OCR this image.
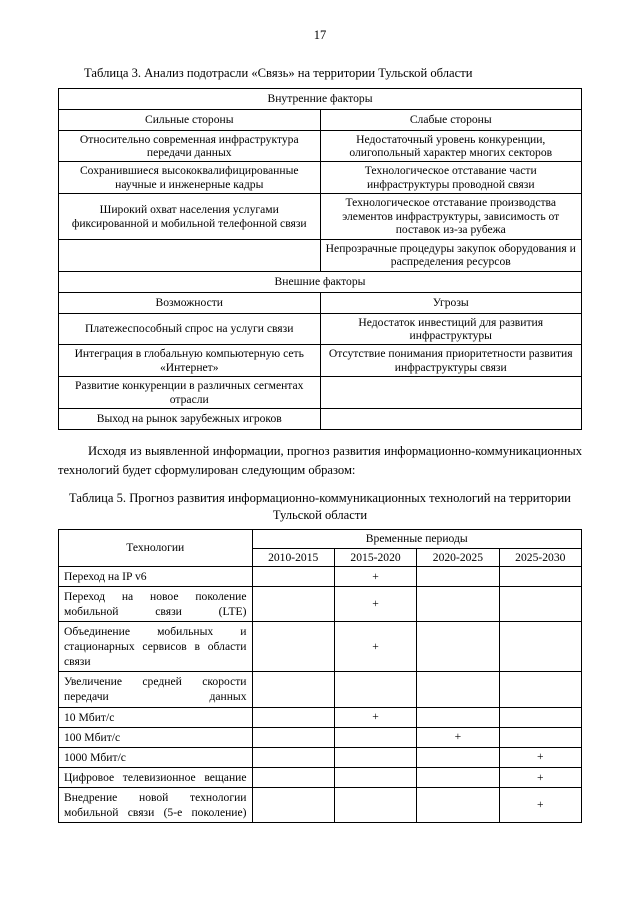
17
Таблица 3. Анализ подотрасли «Связь» на территории Тульской области
Внутренние факторы	
Сильные стороны	Слабые стороны
Относительно современная инфраструктура передачи данных	Недостаточный уровень конкуренции, олигопольный характер многих секторов
Сохранившиеся высококвалифицированные научные и инженерные кадры	Технологическое отставание части инфраструктуры проводной связи
Широкий охват населения услугами фиксированной и мобильной телефонной связи	Технологическое отставание производства элементов инфраструктуры, зависимость от поставок из-за рубежа
	Непрозрачные процедуры закупок оборудования и распределения ресурсов
Внешние факторы	
Возможности	Угрозы
Платежеспособный спрос на услуги связи	Недостаток инвестиций для развития инфраструктуры
Интеграция в глобальную компьютерную сеть «Интернет»	Отсутствие понимания приоритетности развития инфраструктуры связи
Развитие конкуренции в различных сегментах отрасли	
Выход на рынок зарубежных игроков	

Исходя из выявленной информации, прогноз развития информационно-коммуникационных технологий будет сформулирован следующим образом:

Таблица 5. Прогноз развития информационно-коммуникационных технологий на территории Тульской области
Технологии	Временные периоды			
	2010-2015	2015-2020	2020-2025	2025-2030
Переход на IP v6		+		
Переход на новое поколение мобильной связи (LTE)		+		
Объединение мобильных и стационарных сервисов в области связи		+		
Увеличение средней скорости передачи данных				
10 Мбит/с		+		
100 Мбит/с			+	
1000 Мбит/с				+
Цифровое телевизионное вещание				+
Внедрение новой технологии мобильной связи (5-е поколение)				+
